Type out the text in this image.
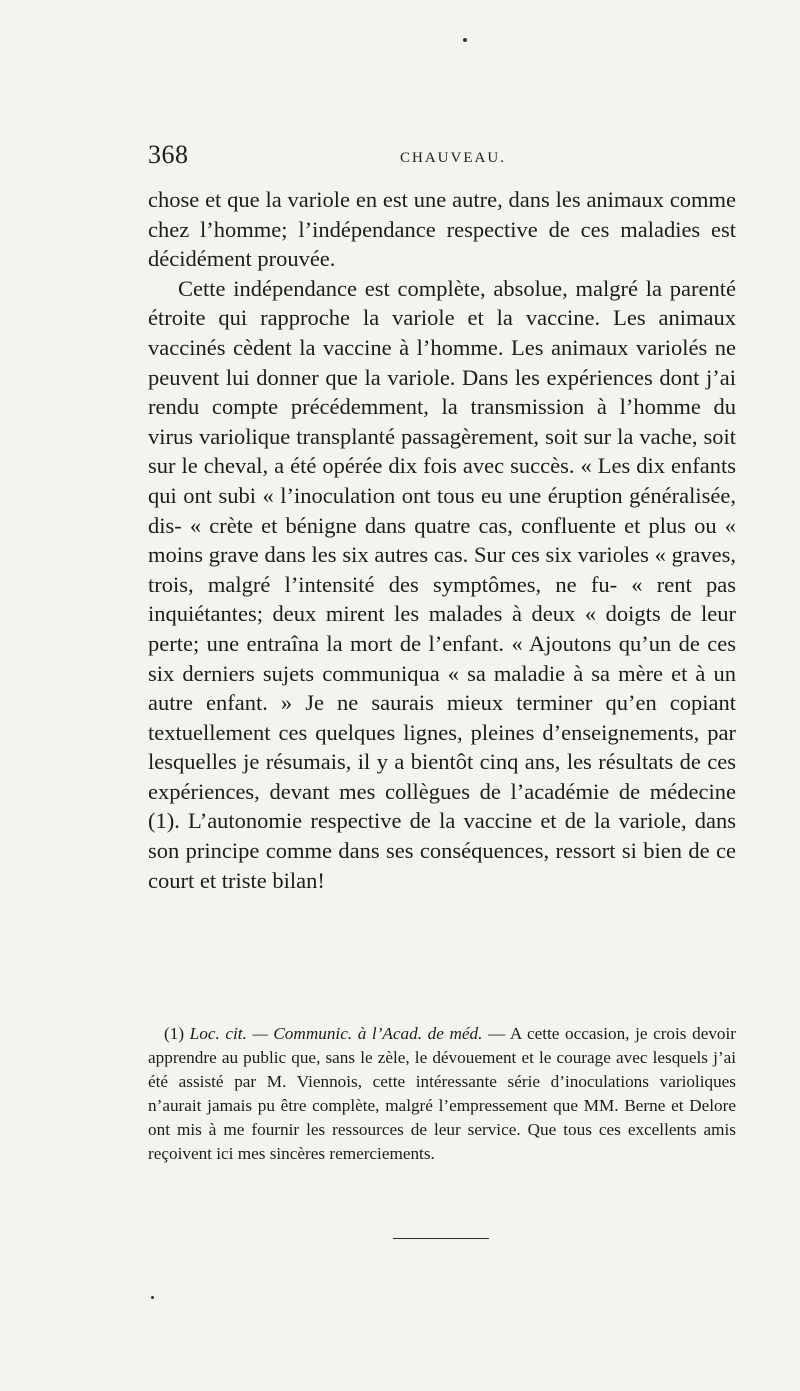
368	CHAUVEAU.

chose et que la variole en est une autre, dans les animaux comme chez l’homme; l’indépendance respective de ces maladies est décidément prouvée.

Cette indépendance est complète, absolue, malgré la parenté étroite qui rapproche la variole et la vaccine. Les animaux vaccinés cèdent la vaccine à l’homme. Les animaux variolés ne peuvent lui donner que la variole. Dans les expériences dont j’ai rendu compte précédemment, la transmission à l’homme du virus variolique transplanté passagèrement, soit sur la vache, soit sur le cheval, a été opérée dix fois avec succès. « Les dix enfants qui ont subi « l’inoculation ont tous eu une éruption généralisée, dis- « crète et bénigne dans quatre cas, confluente et plus ou « moins grave dans les six autres cas. Sur ces six varioles « graves, trois, malgré l’intensité des symptômes, ne fu- « rent pas inquiétantes; deux mirent les malades à deux « doigts de leur perte; une entraîna la mort de l’enfant. « Ajoutons qu’un de ces six derniers sujets communiqua « sa maladie à sa mère et à un autre enfant. » Je ne saurais mieux terminer qu’en copiant textuellement ces quelques lignes, pleines d’enseignements, par lesquelles je résumais, il y a bientôt cinq ans, les résultats de ces expériences, devant mes collègues de l’académie de médecine (1). L’autonomie respective de la vaccine et de la variole, dans son principe comme dans ses conséquences, ressort si bien de ce court et triste bilan!

(1) Loc. cit. — Communic. à l’Acad. de méd. — A cette occasion, je crois devoir apprendre au public que, sans le zèle, le dévouement et le courage avec lesquels j’ai été assisté par M. Viennois, cette intéressante série d’inoculations varioliques n’aurait jamais pu être complète, malgré l’empressement que MM. Berne et Delore ont mis à me fournir les ressources de leur service. Que tous ces excellents amis reçoivent ici mes sincères remerciements.
